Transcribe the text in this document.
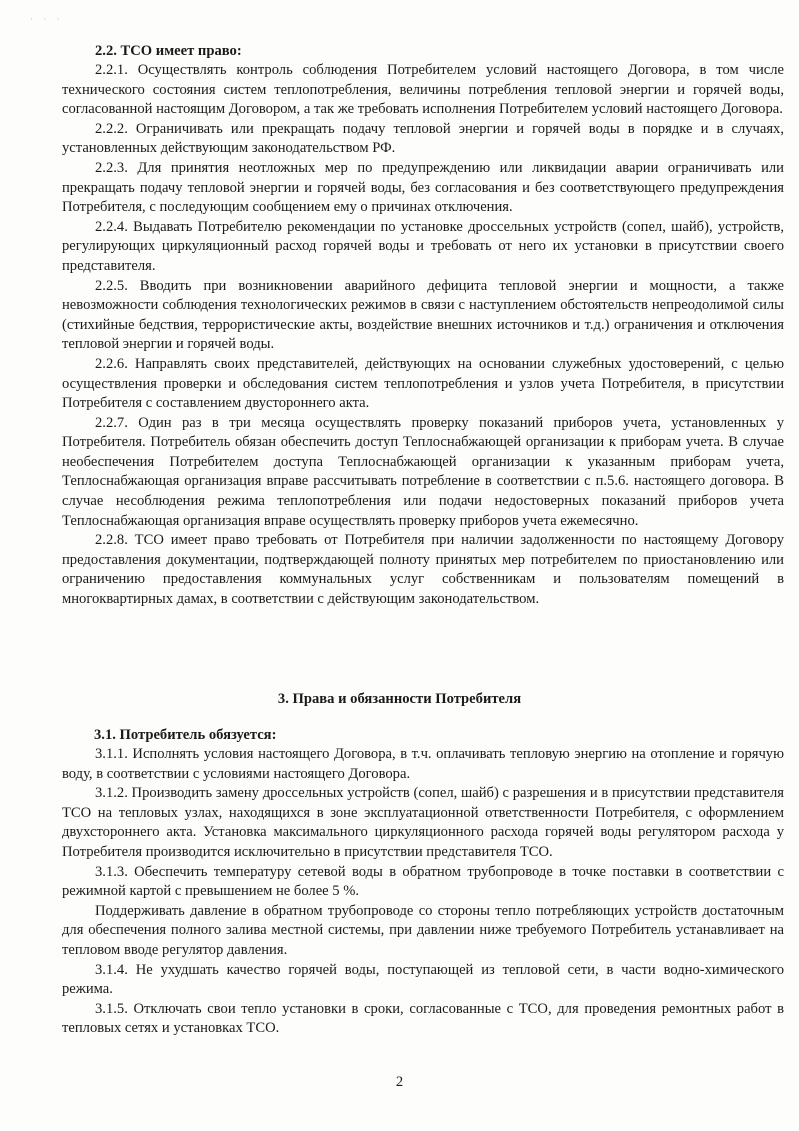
· · ·
2.2. ТСО имеет право:

2.2.1. Осуществлять контроль соблюдения Потребителем условий настоящего Договора, в том числе технического состояния систем теплопотребления, величины потребления тепловой энергии и горячей воды, согласованной настоящим Договором, а так же требовать исполнения Потребителем условий настоящего Договора.

2.2.2. Ограничивать или прекращать подачу тепловой энергии и горячей воды в порядке и в случаях, установленных действующим законодательством РФ.

2.2.3. Для принятия неотложных мер по предупреждению или ликвидации аварии ограничивать или прекращать подачу тепловой энергии и горячей воды, без согласования и без соответствующего предупреждения Потребителя, с последующим сообщением ему о причинах отключения.

2.2.4. Выдавать Потребителю рекомендации по установке дроссельных устройств (сопел, шайб), устройств, регулирующих циркуляционный расход горячей воды и требовать от него их установки в присутствии своего представителя.

2.2.5. Вводить при возникновении аварийного дефицита тепловой энергии и мощности, а также невозможности соблюдения технологических режимов в связи с наступлением обстоятельств непреодолимой силы (стихийные бедствия, террористические акты, воздействие внешних источников и т.д.) ограничения и отключения тепловой энергии и горячей воды.

2.2.6. Направлять своих представителей, действующих на основании служебных удостоверений, с целью осуществления проверки и обследования систем теплопотребления и узлов учета Потребителя, в присутствии Потребителя с составлением двустороннего акта.

2.2.7. Один раз в три месяца осуществлять проверку показаний приборов учета, установленных у Потребителя. Потребитель обязан обеспечить доступ Теплоснабжающей организации к приборам учета. В случае необеспечения Потребителем доступа Теплоснабжающей организации к указанным приборам учета, Теплоснабжающая организация вправе рассчитывать потребление в соответствии с п.5.6. настоящего договора. В случае несоблюдения режима теплопотребления или подачи недостоверных показаний приборов учета Теплоснабжающая организация вправе осуществлять проверку приборов учета ежемесячно.

2.2.8. ТСО имеет право требовать от Потребителя при наличии задолженности по настоящему Договору предоставления документации, подтверждающей полноту принятых мер потребителем по приостановлению или ограничению предоставления коммунальных услуг собственникам и пользователям помещений в многоквартирных дамах, в соответствии с действующим законодательством.

3. Права и обязанности Потребителя
3.1. Потребитель обязуется:

3.1.1. Исполнять условия настоящего Договора, в т.ч. оплачивать тепловую энергию на отопление и горячую воду, в соответствии с условиями настоящего Договора.

3.1.2. Производить замену дроссельных устройств (сопел, шайб) с разрешения и в присутствии представителя ТСО на тепловых узлах, находящихся в зоне эксплуатационной ответственности Потребителя, с оформлением двухстороннего акта. Установка максимального циркуляционного расхода горячей воды регулятором расхода у Потребителя производится исключительно в присутствии представителя ТСО.

3.1.3. Обеспечить температуру сетевой воды в обратном трубопроводе в точке поставки в соответствии с режимной картой с превышением не более 5 %.

Поддерживать давление в обратном трубопроводе со стороны тепло потребляющих устройств достаточным для обеспечения полного залива местной системы, при давлении ниже требуемого Потребитель устанавливает на тепловом вводе регулятор давления.

3.1.4. Не ухудшать качество горячей воды, поступающей из тепловой сети, в части водно-химического режима.

3.1.5. Отключать свои тепло установки в сроки, согласованные с ТСО, для проведения ремонтных работ в тепловых сетях и установках ТСО.

2
